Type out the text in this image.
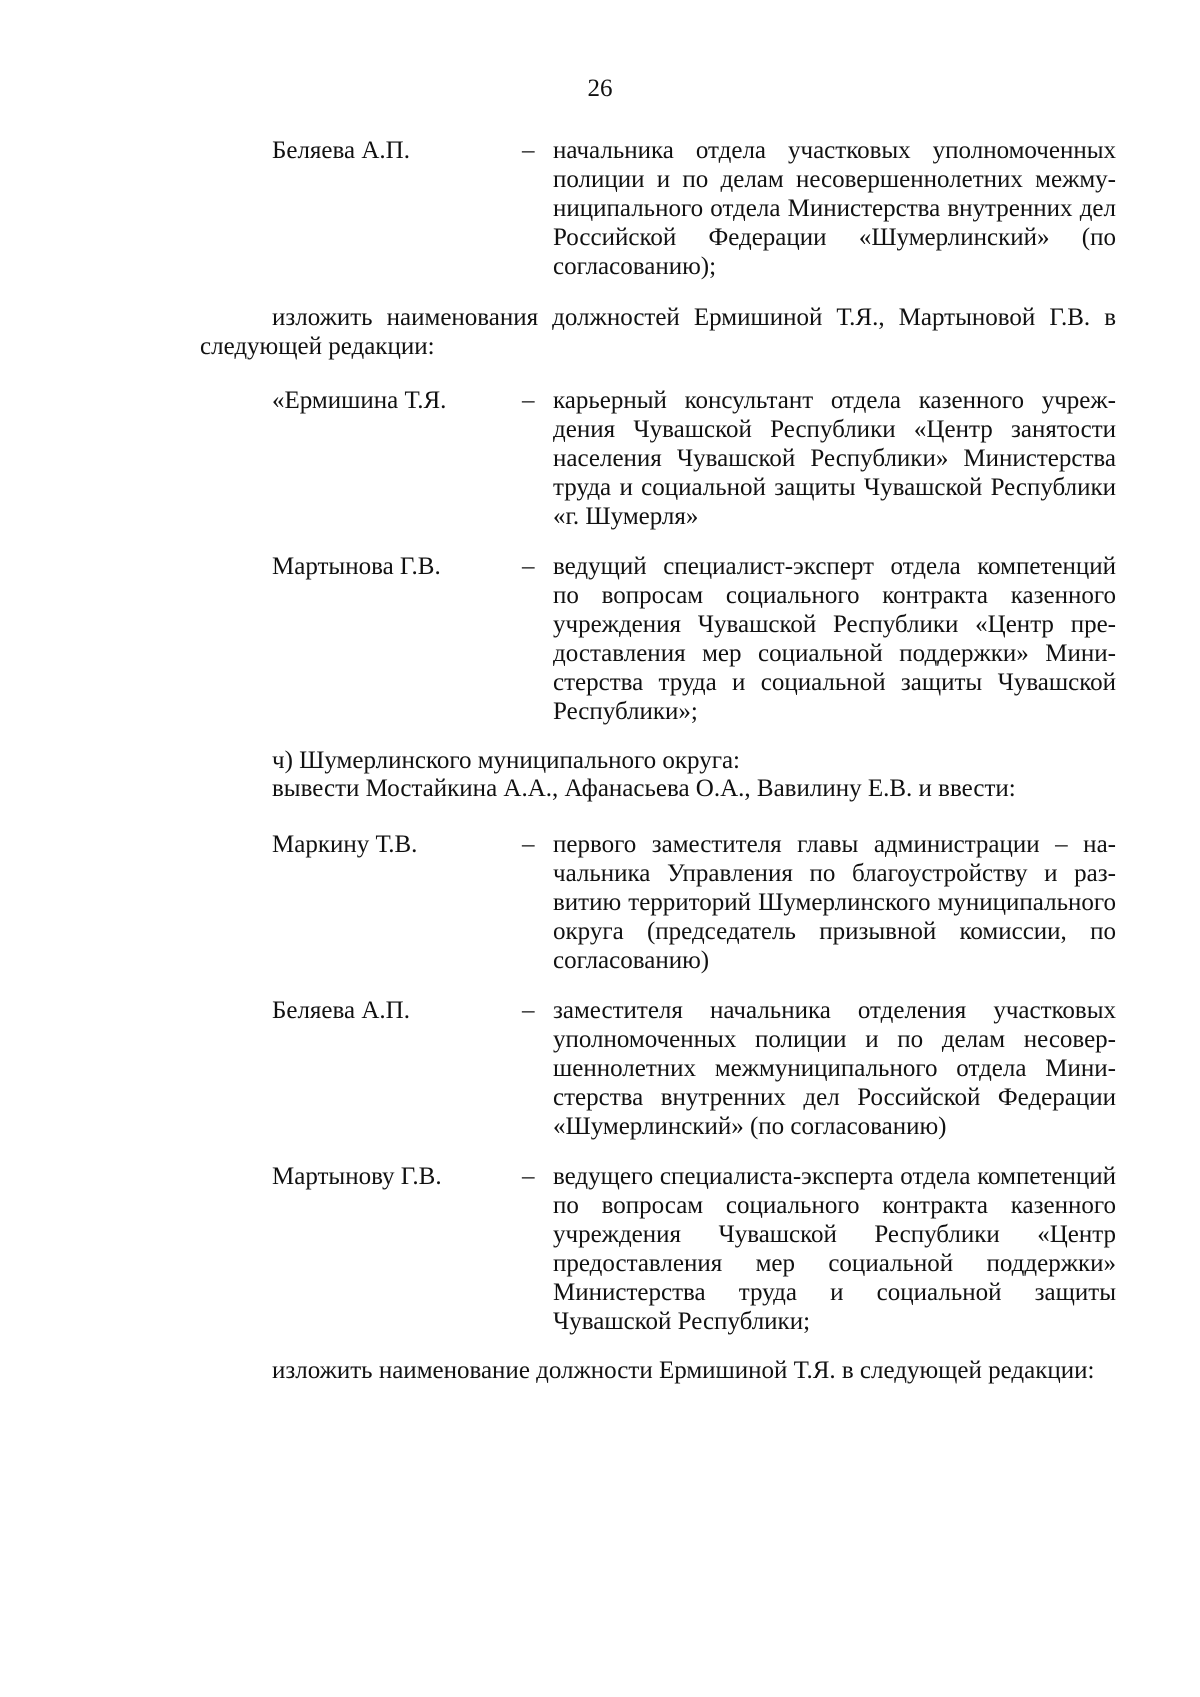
26
Беляева А.П.	– начальника отдела участковых уполномоченных полиции и по делам несовершеннолетних межмуниципального отдела Министерства внутренних дел Российской Федерации «Шумерлинский» (по согласованию);
изложить наименования должностей Ермишиной Т.Я., Мартыновой Г.В. в следующей редакции:
«Ермишина Т.Я.	– карьерный консультант отдела казенного учреждения Чувашской Республики «Центр занятости населения Чувашской Республики» Министерства труда и социальной защиты Чувашской Республики «г. Шумерля»
Мартынова Г.В.	– ведущий специалист-эксперт отдела компетенций по вопросам социального контракта казенного учреждения Чувашской Республики «Центр предоставления мер социальной поддержки» Министерства труда и социальной защиты Чувашской Республики»;
ч) Шумерлинского муниципального округа:
вывести Мостайкина А.А., Афанасьева О.А., Вавилину Е.В. и ввести:
Маркину Т.В.	– первого заместителя главы администрации – начальника Управления по благоустройству и развитию территорий Шумерлинского муниципального округа (председатель призывной комиссии, по согласованию)
Беляева А.П.	– заместителя начальника отделения участковых уполномоченных полиции и по делам несовершеннолетних межмуниципального отдела Министерства внутренних дел Российской Федерации «Шумерлинский» (по согласованию)
Мартынову Г.В.	– ведущего специалиста-эксперта отдела компетенций по вопросам социального контракта казенного учреждения Чувашской Республики «Центр предоставления мер социальной поддержки» Министерства труда и социальной защиты Чувашской Республики;
изложить наименование должности Ермишиной Т.Я. в следующей редакции:
